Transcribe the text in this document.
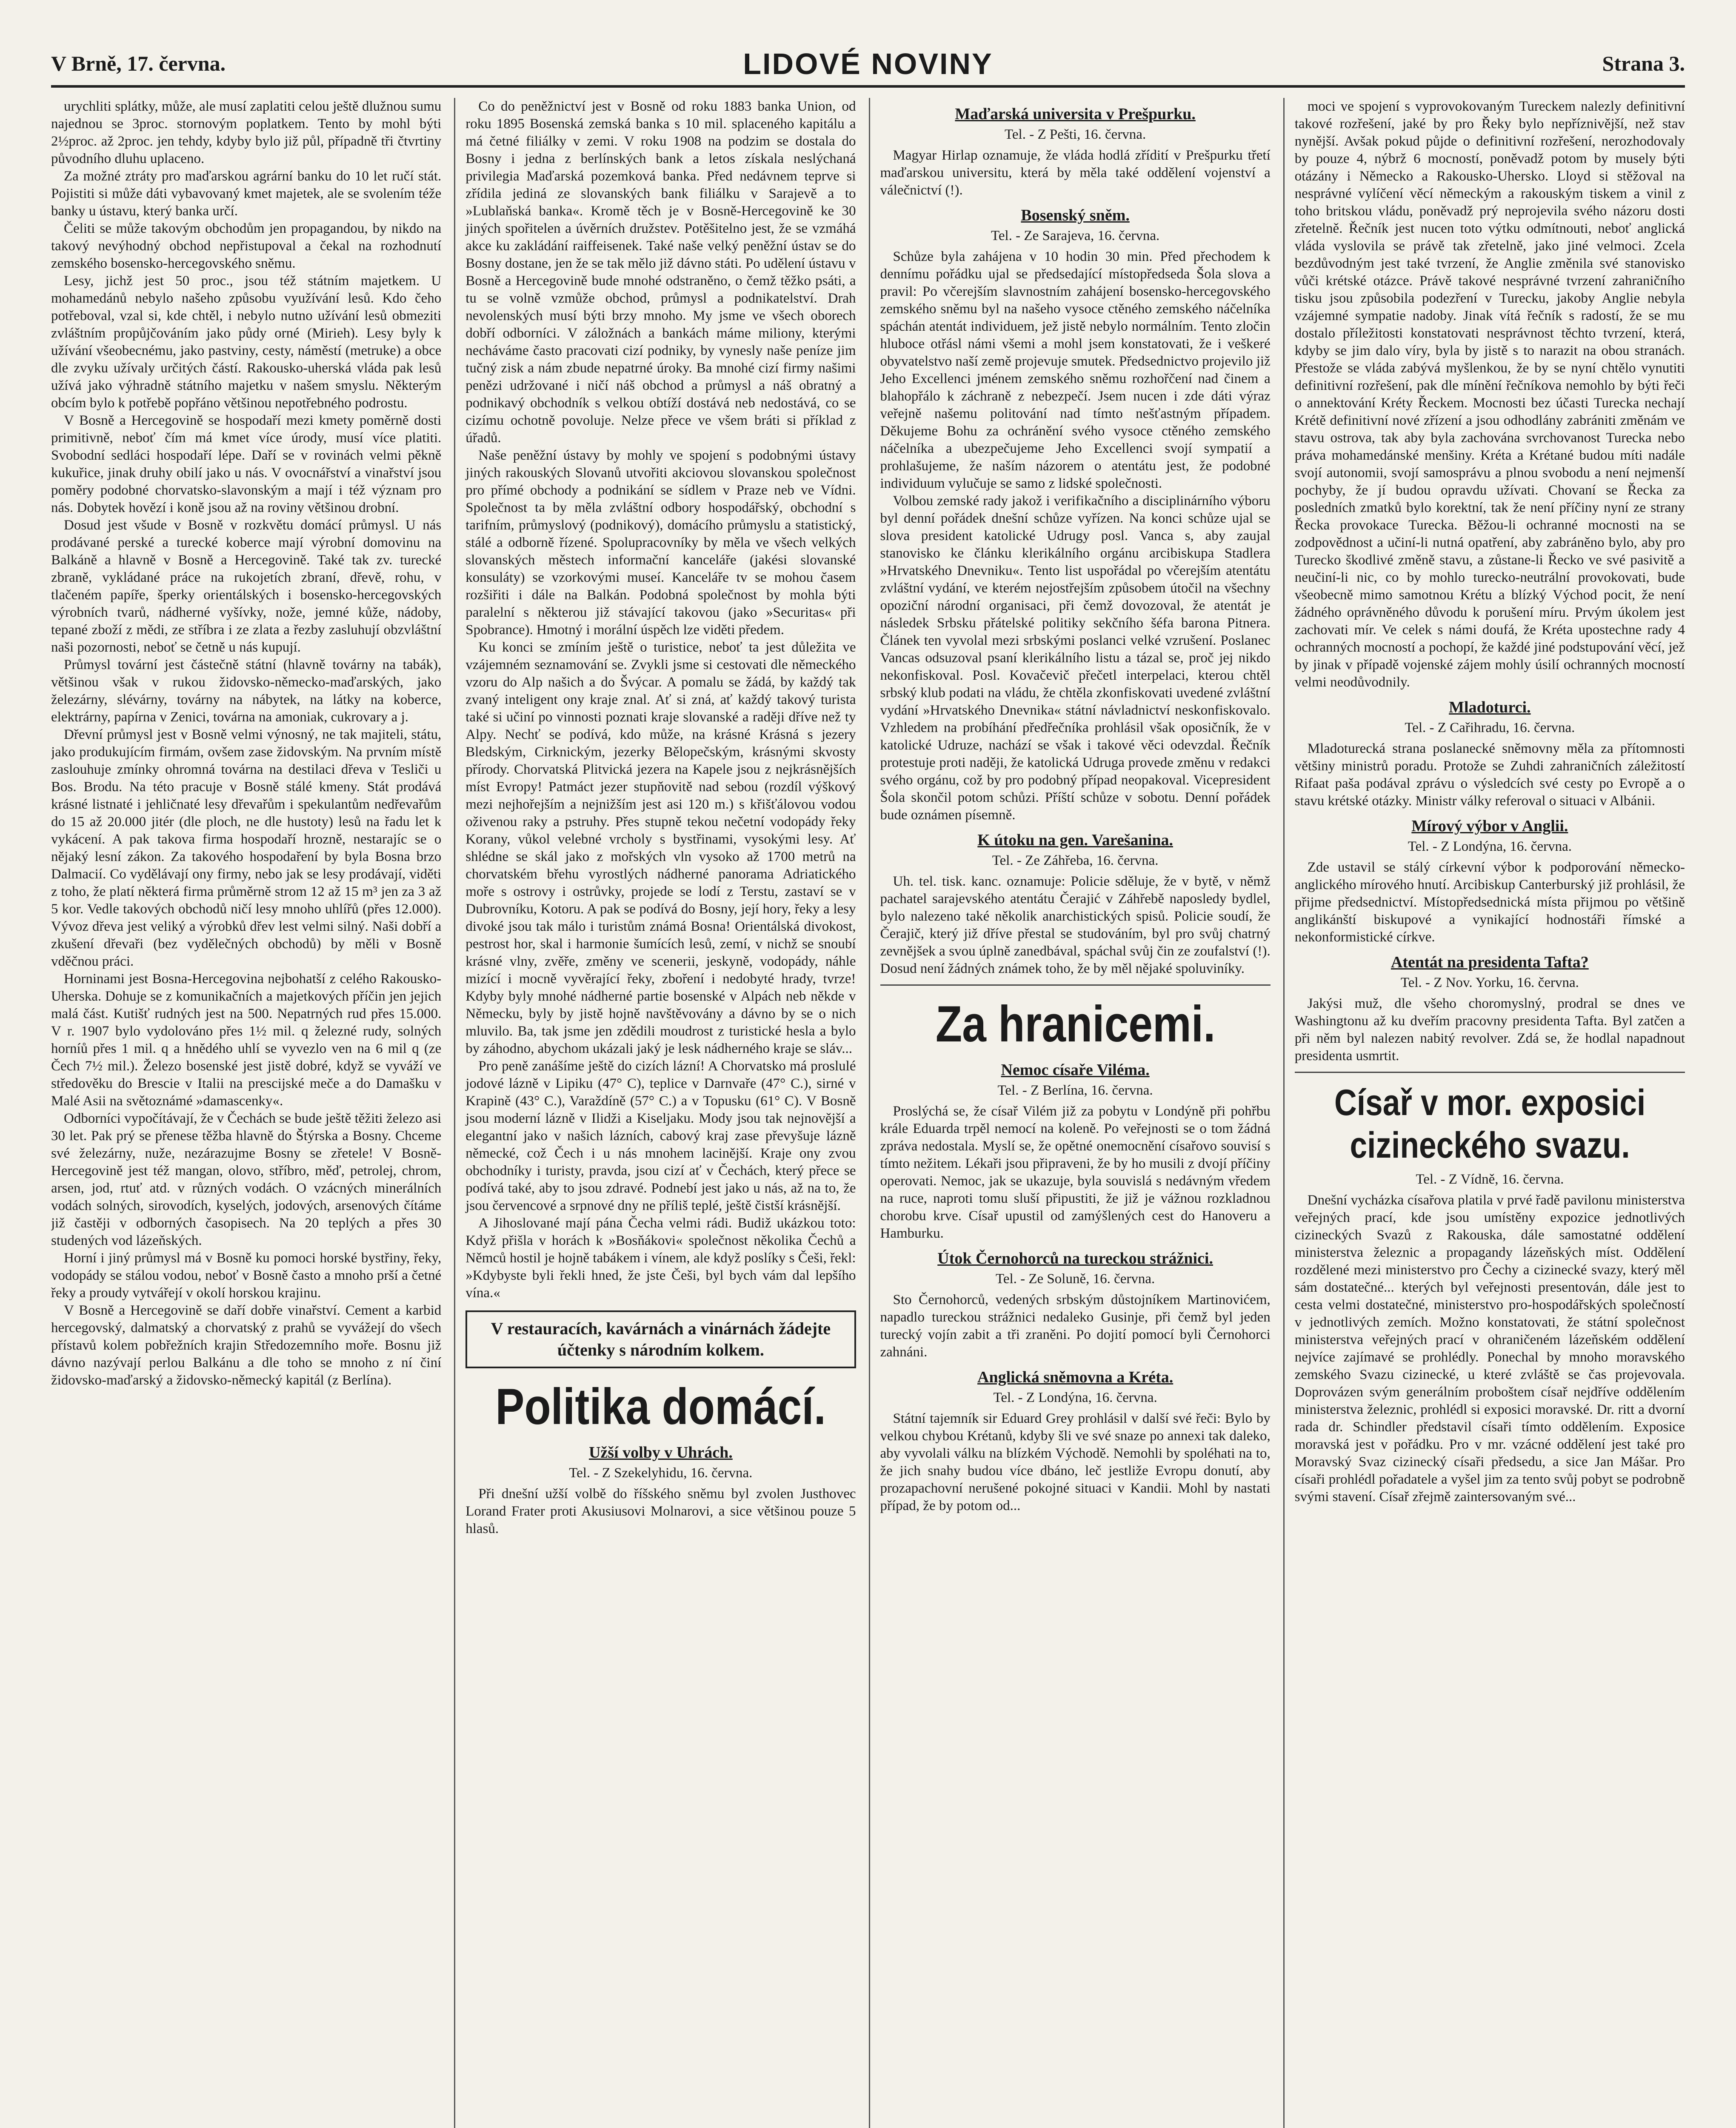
V Brně, 17. června.	LIDOVÉ NOVINY	Strana 3.

urychliti splátky, může, ale musí zaplatiti celou ještě dlužnou sumu najednou se 3proc. stornovým poplatkem. Tento by mohl býti 2½proc. až 2proc. jen tehdy, kdyby bylo již půl, případně tři čtvrtiny původního dluhu uplaceno.

Za možné ztráty pro maďarskou agrární banku do 10 let ručí stát. Pojistiti si může dáti vybavovaný kmet majetek, ale se svolením téže banky u ústavu, který banka určí.

Čeliti se může takovým obchodům jen propagandou, by nikdo na takový nevýhodný obchod nepřistupoval a čekal na rozhodnutí zemského bosensko-hercegovského sněmu.

Lesy, jichž jest 50 proc., jsou též státním majetkem. U mohamedánů nebylo našeho způsobu využívání lesů. Kdo čeho potřeboval, vzal si, kde chtěl, i nebylo nutno užívání lesů obmeziti zvláštním propůjčováním jako půdy orné (Mirieh). Lesy byly k užívání všeobecnému, jako pastviny, cesty, náměstí (metruke) a obce dle zvyku užívaly určitých částí. Rakousko-uherská vláda pak lesů užívá jako výhradně státního majetku v našem smyslu. Některým obcím bylo k potřebě popřáno většinou nepotřebného podrostu.

V Bosně a Hercegovině se hospodaří mezi kmety poměrně dosti primitivně, neboť čím má kmet více úrody, musí více platiti. Svobodní sedláci hospodaří lépe. Daří se v rovinách velmi pěkně kukuřice, jinak druhy obilí jako u nás. V ovocnářství a vinařství jsou poměry podobné chorvatsko-slavonským a mají i též význam pro nás. Dobytek hovězí i koně jsou až na roviny většinou drobní.

Dosud jest všude v Bosně v rozkvětu domácí průmysl. U nás prodávané perské a turecké koberce mají výrobní domovinu na Balkáně a hlavně v Bosně a Hercegovině. Také tak zv. turecké zbraně, vykládané práce na rukojetích zbraní, dřevě, rohu, v tlačeném papíře, šperky orientálských i bosensko-hercegovských výrobních tvarů, nádherné vyšívky, nože, jemné kůže, nádoby, tepané zboží z mědi, ze stříbra i ze zlata a řezby zasluhují obzvláštní naši pozornosti, neboť se četně u nás kupují.

Průmysl tovární jest částečně státní (hlavně továrny na tabák), většinou však v rukou židovsko-německo-maďarských, jako železárny, slévárny, továrny na nábytek, na látky na koberce, elektrárny, papírna v Zenici, továrna na amoniak, cukrovary a j.

Dřevní průmysl jest v Bosně velmi výnosný, ne tak majiteli, státu, jako produkujícím firmám, ovšem zase židovským. Na prvním místě zaslouhuje zmínky ohromná továrna na destilaci dřeva v Tesliči u Bos. Brodu. Na této pracuje v Bosně stálé kmeny. Stát prodává krásné listnaté i jehličnaté lesy dřevařům i spekulantům nedřevařům do 15 až 20.000 jitér (dle ploch, ne dle hustoty) lesů na řadu let k vykácení. A pak takova firma hospodaří hrozně, nestarajíc se o nějaký lesní zákon. Za takového hospodaření by byla Bosna brzo Dalmacií. Co vydělávají ony firmy, nebo jak se lesy prodávají, viděti z toho, že platí některá firma průměrně strom 12 až 15 m³ jen za 3 až 5 kor. Vedle takových obchodů ničí lesy mnoho uhlířů (přes 12.000). Vývoz dřeva jest veliký a výrobků dřev lest velmi silný. Naši dobří a zkušení dřevaři (bez vydělečných obchodů) by měli v Bosně vděčnou práci.

Horninami jest Bosna-Hercegovina nejbohatší z celého Rakousko-Uherska. Dohuje se z komunikačních a majetkových příčin jen jejich malá část. Kutišť rudných jest na 500. Nepatrných rud přes 15.000. V r. 1907 bylo vydolováno přes 1½ mil. q železné rudy, solných horníů přes 1 mil. q a hnědého uhlí se vyvezlo ven na 6 mil q (ze Čech 7½ mil.). Železo bosenské jest jistě dobré, když se vyváží ve středověku do Brescie v Italii na prescijské meče a do Damašku v Malé Asii na světoznámé »damascenky«.

Odborníci vypočítávají, že v Čechách se bude ještě těžiti železo asi 30 let. Pak prý se přenese těžba hlavně do Štýrska a Bosny. Chceme své železárny, nuže, nezárazujme Bosny se zřetele! V Bosně-Hercegovině jest též mangan, olovo, stříbro, měď, petrolej, chrom, arsen, jod, rtuť atd. v různých vodách. O vzácných minerálních vodách solných, sirovodích, kyselých, jodových, arsenových čítáme již častěji v odborných časopisech. Na 20 teplých a přes 30 studených vod lázeňských.

Horní i jiný průmysl má v Bosně ku pomoci horské bystřiny, řeky, vodopády se stálou vodou, neboť v Bosně často a mnoho prší a četné řeky a proudy vytvářejí v okolí horskou krajinu.

V Bosně a Hercegovině se daří dobře vinařství. Cement a karbid hercegovský, dalmatský a chorvatský z prahů se vyvážejí do všech přístavů kolem pobřežních krajin Středozemního moře. Bosnu již dávno nazývají perlou Balkánu a dle toho se mnoho z ní činí židovsko-maďarský a židovsko-německý kapitál (z Berlína).

Co do peněžnictví jest v Bosně od roku 1883 banka Union, od roku 1895 Bosenská zemská banka s 10 mil. splaceného kapitálu a má četné filiálky v zemi. V roku 1908 na podzim se dostala do Bosny i jedna z berlínských bank a letos získala neslýchaná privilegia Maďarská pozemková banka. Před nedávnem teprve si zřídila jediná ze slovanských bank filiálku v Sarajevě a to »Lublaňská banka«. Kromě těch je v Bosně-Hercegovině ke 30 jiných spořitelen a úvěrních družstev. Potěšitelno jest, že se vzmáhá akce ku zakládání raiffeisenek. Také naše velký peněžní ústav se do Bosny dostane, jen že se tak mělo již dávno státi. Po udělení ústavu v Bosně a Hercegovině bude mnohé odstraněno, o čemž těžko psáti, a tu se volně vzmůže obchod, průmysl a podnikatelství. Drah nevolenských musí býti brzy mnoho. My jsme ve všech oborech dobří odborníci. V záložnách a bankách máme miliony, kterými necháváme často pracovati cizí podniky, by vynesly naše peníze jim tučný zisk a nám zbude nepatrné úroky. Ba mnohé cizí firmy našimi penězi udržované i ničí náš obchod a průmysl a náš obratný a podnikavý obchodník s velkou obtíží dostává neb nedostává, co se cizímu ochotně povoluje. Nelze přece ve všem bráti si příklad z úřadů.

Naše peněžní ústavy by mohly ve spojení s podobnými ústavy jiných rakouských Slovanů utvořiti akciovou slovanskou společnost pro přímé obchody a podnikání se sídlem v Praze neb ve Vídni. Společnost ta by měla zvláštní odbory hospodářský, obchodní s tarifním, průmyslový (podnikový), domácího průmyslu a statistický, stálé a odborně řízené. Spolupracovníky by měla ve všech velkých slovanských městech informační kanceláře (jakési slovanské konsuláty) se vzorkovými museí. Kanceláře tv se mohou časem rozšiřiti i dále na Balkán. Podobná společnost by mohla býti paralelní s některou již stávající takovou (jako »Securitas« při Spobrance). Hmotný i morální úspěch lze viděti předem.

Ku konci se zmíním ještě o turistice, neboť ta jest důležita ve vzájemném seznamování se. Zvykli jsme si cestovati dle německého vzoru do Alp našich a do Švýcar. A pomalu se žádá, by každý tak zvaný inteligent ony kraje znal. Ať si zná, ať každý takový turista také si učiní po vinnosti poznati kraje slovanské a raději dříve než ty Alpy. Nechť se podívá, kdo může, na krásné Krásná s jezery Bledským, Cirknickým, jezerky Bělopečským, krásnými skvosty přírody. Chorvatská Plitvická jezera na Kapele jsou z nejkrásnějších míst Evropy! Patmáct jezer stupňovitě nad sebou (rozdíl výškový mezi nejhořejším a nejnižším jest asi 120 m.) s křišťálovou vodou oživenou raky a pstruhy. Přes stupně tekou nečetní vodopády řeky Korany, vůkol velebné vrcholy s bystřinami, vysokými lesy. Ať shlédne se skál jako z mořských vln vysoko až 1700 metrů na chorvatském břehu vyrostlých nádherné panorama Adriatického moře s ostrovy i ostrůvky, projede se lodí z Terstu, zastaví se v Dubrovníku, Kotoru. A pak se podívá do Bosny, její hory, řeky a lesy divoké jsou tak málo i turistům známá Bosna! Orientálská divokost, pestrost hor, skal i harmonie šumících lesů, zemí, v nichž se snoubí krásné vlny, zvěře, změny ve scenerii, jeskyně, vodopády, náhle mizící i mocně vyvěrající řeky, zboření i nedobyté hrady, tvrze! Kdyby byly mnohé nádherné partie bosenské v Alpách neb někde v Německu, byly by jistě hojně navštěvovány a dávno by se o nich mluvilo. Ba, tak jsme jen zdědili moudrost z turistické hesla a bylo by záhodno, abychom ukázali jaký je lesk nádherného kraje se sláv...

Pro peně zanášíme ještě do cizích lázní! A Chorvatsko má proslulé jodové lázně v Lipiku (47° C), teplice v Darnvaře (47° C.), sirné v Krapině (43° C.), Varaždíně (57° C.) a v Topusku (61° C). V Bosně jsou moderní lázně v Ilidži a Kiseljaku. Mody jsou tak nejnovější a elegantní jako v našich lázních, cabový kraj zase převyšuje lázně německé, což Čech i u nás mnohem lacinější. Kraje ony zvou obchodníky i turisty, pravda, jsou cizí ať v Čechách, který přece se podívá také, aby to jsou zdravé. Podnebí jest jako u nás, až na to, že jsou červencové a srpnové dny ne příliš teplé, ještě čistší krásnější.

A Jihoslované mají pána Čecha velmi rádi. Budiž ukázkou toto: Když přišla v horách k »Bosňákovi« společnost několika Čechů a Němců hostil je hojně tabákem i vínem, ale když poslíky s Češi, řekl: »Kdybyste byli řekli hned, že jste Češi, byl bych vám dal lepšího vína.«

V restauracích, kavárnách a vinárnách žádejte účtenky s národním kolkem.
Politika domácí.
Užší volby v Uhrách.
Tel. - Z Szekelyhidu, 16. června.

Při dnešní užší volbě do říšského sněmu byl zvolen Justhovec Lorand Frater proti Akusiusovi Molnarovi, a sice většinou pouze 5 hlasů.

Maďarská universita v Prešpurku.
Tel. - Z Pešti, 16. června.

Magyar Hirlap oznamuje, že vláda hodlá zřídití v Prešpurku třetí maďarskou universitu, která by měla také oddělení vojenství a válečnictví (!).

Bosenský sněm.
Tel. - Ze Sarajeva, 16. června.

Schůze byla zahájena v 10 hodin 30 min. Před přechodem k dennímu pořádku ujal se předsedající místopředseda Šola slova a pravil: Po včerejším slavnostním zahájení bosensko-hercegovského zemského sněmu byl na našeho vysoce ctěného zemského náčelníka spáchán atentát individuem, jež jistě nebylo normálním. Tento zločin hluboce otřásl námi všemi a mohl jsem konstatovati, že i veškeré obyvatelstvo naší země projevuje smutek. Předsednictvo projevilo již Jeho Excellenci jménem zemského sněmu rozhořčení nad činem a blahopřálo k záchraně z nebezpečí. Jsem nucen i zde dáti výraz veřejně našemu politování nad tímto nešťastným případem. Děkujeme Bohu za ochránění svého vysoce ctěného zemského náčelníka a ubezpečujeme Jeho Excellenci svojí sympatií a prohlašujeme, že naším názorem o atentátu jest, že podobné individuum vylučuje se samo z lidské společnosti.

Volbou zemské rady jakož i verifikačního a disciplinárního výboru byl denní pořádek dnešní schůze vyřízen. Na konci schůze ujal se slova president katolické Udrugy posl. Vanca s, aby zaujal stanovisko ke článku klerikálního orgánu arcibiskupa Stadlera »Hrvatského Dnevniku«. Tento list uspořádal po včerejším atentátu zvláštní vydání, ve kterém nejostřejším způsobem útočil na všechny opoziční národní organisaci, při čemž dovozoval, že atentát je následek Srbsku přátelské politiky sekčního šéfa barona Pitnera. Článek ten vyvolal mezi srbskými poslanci velké vzrušení. Poslanec Vancas odsuzoval psaní klerikálního listu a tázal se, proč jej nikdo nekonfiskoval. Posl. Kovačevič přečetl interpelaci, kterou chtěl srbský klub podati na vládu, že chtěla zkonfiskovati uvedené zvláštní vydání »Hrvatského Dnevnika« státní návladnictví neskonfiskovalo. Vzhledem na probíhání předřečníka prohlásil však oposičník, že v katolické Udruze, nachází se však i takové věci odevzdal. Řečník protestuje proti naději, že katolická Udruga provede změnu v redakci svého orgánu, což by pro podobný případ neopakoval. Vicepresident Šola skončil potom schůzi. Příští schůze v sobotu. Denní pořádek bude oznámen písemně.

K útoku na gen. Varešanina.
Tel. - Ze Záhřeba, 16. června.

Uh. tel. tisk. kanc. oznamuje: Policie sděluje, že v bytě, v němž pachatel sarajevského atentátu Čerajić v Záhřebě naposledy bydlel, bylo nalezeno také několik anarchistických spisů. Policie soudí, že Čerajič, který již dříve přestal se studováním, byl pro svůj chatrný zevnějšek a svou úplně zanedbával, spáchal svůj čin ze zoufalství (!). Dosud není žádných známek toho, že by měl nějaké spoluviníky.

Za hranicemi.
Nemoc císaře Viléma.
Tel. - Z Berlína, 16. června.

Proslýchá se, že císař Vilém již za pobytu v Londýně při pohřbu krále Eduarda trpěl nemocí na koleně. Po veřejnosti se o tom žádná zpráva nedostala. Myslí se, že opětné onemocnění císařovo souvisí s tímto nežitem. Lékaři jsou připraveni, že by ho musili z dvojí příčiny operovati. Nemoc, jak se ukazuje, byla souvislá s nedávným vředem na ruce, naproti tomu sluší připustiti, že již je vážnou rozkladnou chorobu krve. Císař upustil od zamýšlených cest do Hanoveru a Hamburku.

Útok Černohorců na tureckou strážnici.
Tel. - Ze Soluně, 16. června.

Sto Černohorců, vedených srbským důstojníkem Martinovićem, napadlo tureckou strážnici nedaleko Gusinje, při čemž byl jeden turecký vojín zabit a tři zraněni. Po dojití pomocí byli Černohorci zahnáni.

Anglická sněmovna a Kréta.
Tel. - Z Londýna, 16. června.

Státní tajemník sir Eduard Grey prohlásil v další své řeči: Bylo by velkou chybou Krétanů, kdyby šli ve své snaze po annexi tak daleko, aby vyvolali válku na blízkém Východě. Nemohli by spoléhati na to, že jich snahy budou více dbáno, leč jestliže Evropu donutí, aby prozapachovní nerušené pokojné situaci v Kandii. Mohl by nastati případ, že by potom od...

moci ve spojení s vyprovokovaným Tureckem nalezly definitivní takové rozřešení, jaké by pro Řeky bylo nepříznivější, než stav nynější. Avšak pokud půjde o definitivní rozřešení, nerozhodovaly by pouze 4, nýbrž 6 mocností, poněvadž potom by musely býti otázány i Německo a Rakousko-Uhersko. Lloyd si stěžoval na nesprávné vylíčení věcí německým a rakouským tiskem a vinil z toho britskou vládu, poněvadž prý neprojevila svého názoru dosti zřetelně. Řečník jest nucen toto výtku odmítnouti, neboť anglická vláda vyslovila se právě tak zřetelně, jako jiné velmoci. Zcela bezdůvodným jest také tvrzení, že Anglie změnila své stanovisko vůči krétské otázce. Právě takové nesprávné tvrzení zahraničního tisku jsou způsobila podezření v Turecku, jakoby Anglie nebyla vzájemné sympatie nadoby. Jinak vítá řečník s radostí, že se mu dostalo příležitosti konstatovati nesprávnost těchto tvrzení, která, kdyby se jim dalo víry, byla by jistě s to narazit na obou stranách. Přestože se vláda zabývá myšlenkou, že by se nyní chtělo vynutiti definitivní rozřešení, pak dle mínění řečníkova nemohlo by býti řeči o annektování Kréty Řeckem. Mocnosti bez účasti Turecka nechají Krétě definitivní nové zřízení a jsou odhodlány zabrániti změnám ve stavu ostrova, tak aby byla zachována svrchovanost Turecka nebo práva mohamedánské menšiny. Kréta a Krétané budou míti nadále svojí autonomii, svojí samosprávu a plnou svobodu a není nejmenší pochyby, že jí budou opravdu užívati. Chovaní se Řecka za posledních zmatků bylo korektní, tak že není příčiny nyní ze strany Řecka provokace Turecka. Běžou-li ochranné mocnosti na se zodpovědnost a učiní-li nutná opatření, aby zabráněno bylo, aby pro Turecko škodlivé změně stavu, a zůstane-li Řecko ve své pasivitě a neučiní-li nic, co by mohlo turecko-neutrální provokovati, bude všeobecně mimo samotnou Krétu a blízký Východ pocit, že není žádného oprávněného důvodu k porušení míru. Prvým úkolem jest zachovati mír. Ve celek s námi doufá, že Kréta upostechne rady 4 ochranných mocností a pochopí, že každé jiné podstupování věcí, jež by jinak v případě vojenské zájem mohly úsilí ochranných mocností velmi neodůvodnily.

Mladoturci.
Tel. - Z Cařihradu, 16. června.

Mladoturecká strana poslanecké sněmovny měla za přítomnosti většiny ministrů poradu. Protože se Zuhdi zahraničních záležitostí Rifaat paša podával zprávu o výsledcích své cesty po Evropě a o stavu krétské otázky. Ministr války referoval o situaci v Albánii.

Mírový výbor v Anglii.
Tel. - Z Londýna, 16. června.

Zde ustavil se stálý církevní výbor k podporování německo-anglického mírového hnutí. Arcibiskup Canterburský již prohlásil, že přijme předsednictví. Místopředsednická místa přijmou po většině anglikánští biskupové a vynikající hodnostáři římské a nekonformistické církve.

Atentát na presidenta Tafta?
Tel. - Z Nov. Yorku, 16. června.

Jakýsi muž, dle všeho choromyslný, prodral se dnes ve Washingtonu až ku dveřím pracovny presidenta Tafta. Byl zatčen a při něm byl nalezen nabitý revolver. Zdá se, že hodlal napadnout presidenta usmrtit.

Císař v mor. exposici cizineckého svazu.
Tel. - Z Vídně, 16. června.

Dnešní vycházka císařova platila v prvé řadě pavilonu ministerstva veřejných prací, kde jsou umístěny expozice jednotlivých cizineckých Svazů z Rakouska, dále samostatné oddělení ministerstva železnic a propagandy lázeňských míst. Oddělení rozdělené mezi ministerstvo pro Čechy a cizinecké svazy, který měl sám dostatečné... kterých byl veřejnosti presentován, dále jest to cesta velmi dostatečné, ministerstvo pro-hospodářských společností v jednotlivých zemích. Možno konstatovati, že státní společnost ministerstva veřejných prací v ohraničeném lázeňském oddělení nejvíce zajímavé se prohlédly. Ponechal by mnoho moravského zemského Svazu cizinecké, u které zvláště se čas projevovala. Doprovázen svým generálním proboštem císař nejdříve oddělením ministerstva železnic, prohlédl si exposici moravské. Dr. ritt a dvorní rada dr. Schindler představil císaři tímto oddělením. Exposice moravská jest v pořádku. Pro v mr. vzácné oddělení jest také pro Moravský Svaz cizinecký císaři předsedu, a sice Jan Mášar. Pro císaři prohlédl pořadatele a vyšel jim za tento svůj pobyt se podrobně svými stavení. Císař zřejmě zaintersovaným své...
